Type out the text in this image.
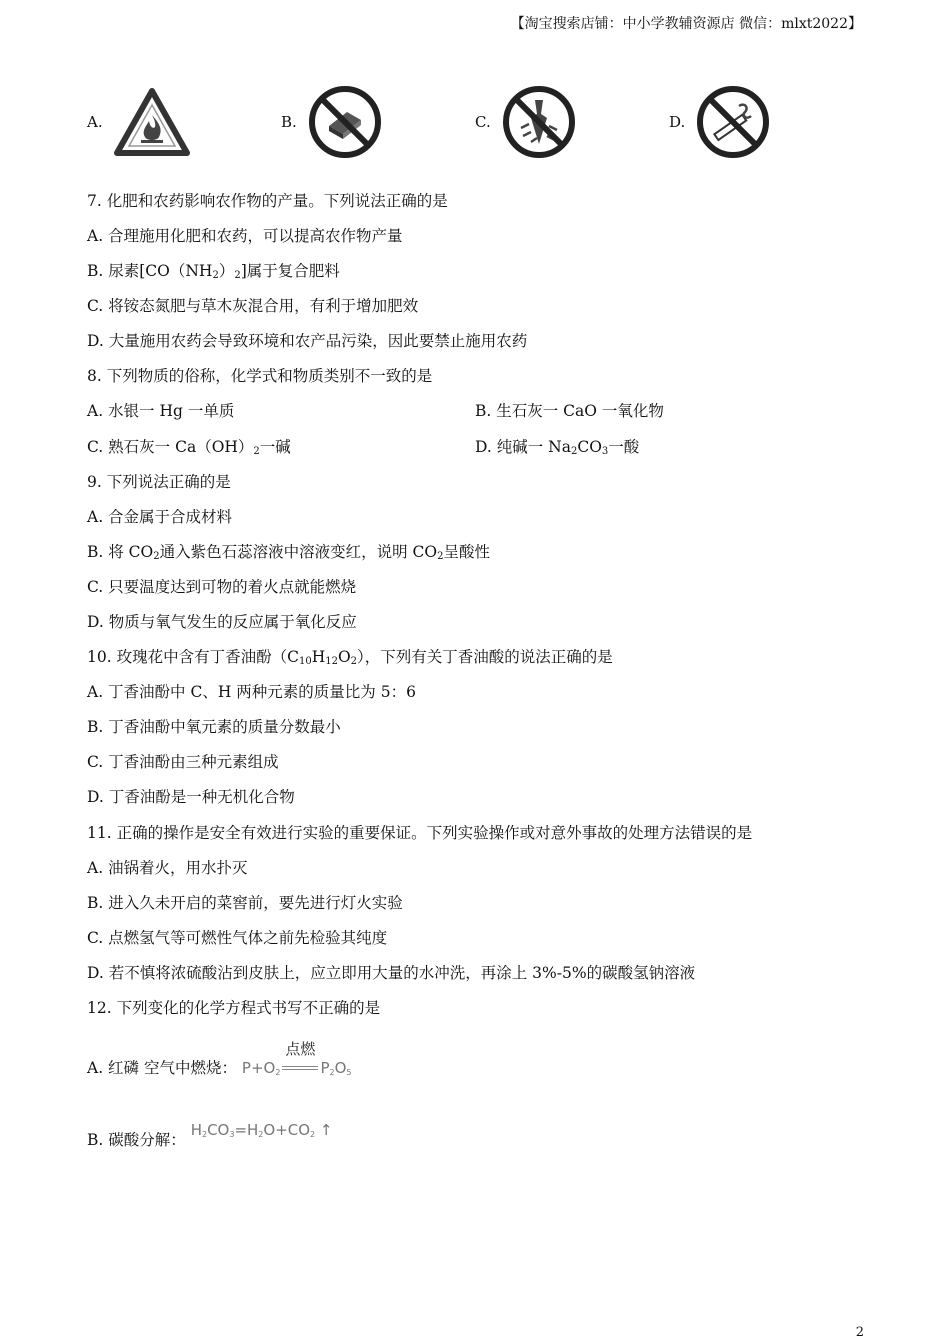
【淘宝搜索店铺：中小学教辅资源店 微信：mlxt2022】
A.	B.	C.	D.
7. 化肥和农药影响农作物的产量。下列说法正确的是
A. 合理施用化肥和农药，可以提高农作物产量
B. 尿素$[CO(NH_2)_2]$属于复合肥料
C. 将铵态氮肥与草木灰混合用，有利于增加肥效
D. 大量施用农药会导致环境和农产品污染，因此要禁止施用农药
8. 下列物质的俗称，化学式和物质类别不一致的是
A. 水银一 Hg 一单质	B. 生石灰一 CaO 一氧化物
C. 熟石灰一 $Ca(OH)_2$一碱	D. 纯碱一 $Na_2CO_3$一酸
9. 下列说法正确的是
A. 合金属于合成材料
B. 将 $CO_2$通入紫色石蕊溶液中溶液变红，说明 $CO_2$呈酸性
C. 只要温度达到可物的着火点就能燃烧
D. 物质与氧气发生的反应属于氧化反应
10. 玫瑰花中含有丁香油酚$(C_{10}H_{12}O_2)$，下列有关丁香油酸的说法正确的是
A. 丁香油酚中 C、H 两种元素的质量比为 5：6
B. 丁香油酚中氧元素的质量分数最小
C. 丁香油酚由三种元素组成
D. 丁香油酚是一种无机化合物
11. 正确的操作是安全有效进行实验的重要保证。下列实验操作或对意外事故的处理方法错误的是
A. 油锅着火，用水扑灭
B. 进入久未开启的菜窖前，要先进行灯火实验
C. 点燃氢气等可燃性气体之前先检验其纯度
D. 若不慎将浓硫酸沾到皮肤上，应立即用大量的水冲洗，再涂上 3%-5%的碳酸氢钠溶液
12. 下列变化的化学方程式书写不正确的是
A. 红磷 空气中燃烧： $P+O_2$
点燃
$P_2O_5$
B. 碳酸分解： $H_2CO_3=H_2O+CO_2$ ↑
2
